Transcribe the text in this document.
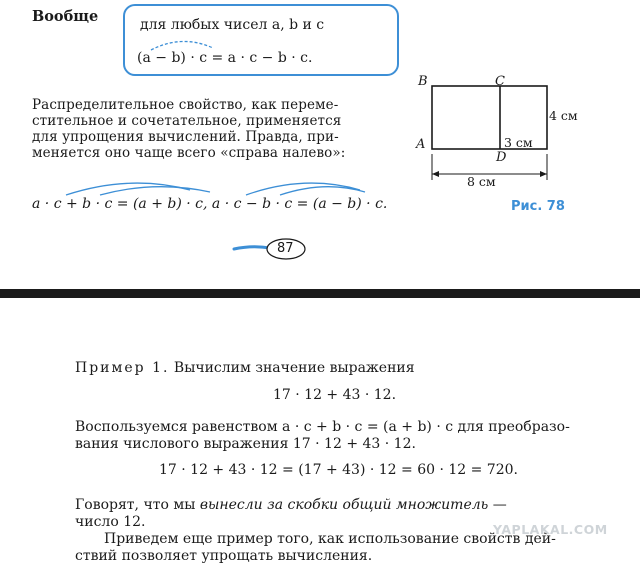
Вообще	для любых чисел a, b и c
(a − b) · c = a · c − b · c.
Распределительное свойство, как переме-
стительное и сочетательное, применяется
для упрощения вычислений. Правда, при-
меняется оно чаще всего «справа налево»:
a · c + b · c = (a + b) · c, a · c − b · c = (a − b) · c.
B	C
A
D
4 см
3 см
8 см
Рис. 78
87
Пример 1. Вычислим значение выражения
17 · 12 + 43 · 12.
Воспользуемся равенством a · c + b · c = (a + b) · c для преобразо-
вания числового выражения 17 · 12 + 43 · 12.
17 · 12 + 43 · 12 = (17 + 43) · 12 = 60 · 12 = 720.
Говорят, что мы вынесли за скобки общий множитель —
число 12.
Приведем еще пример того, как использование свойств дей-
ствий позволяет упрощать вычисления.
YAPLAKAL.COM
